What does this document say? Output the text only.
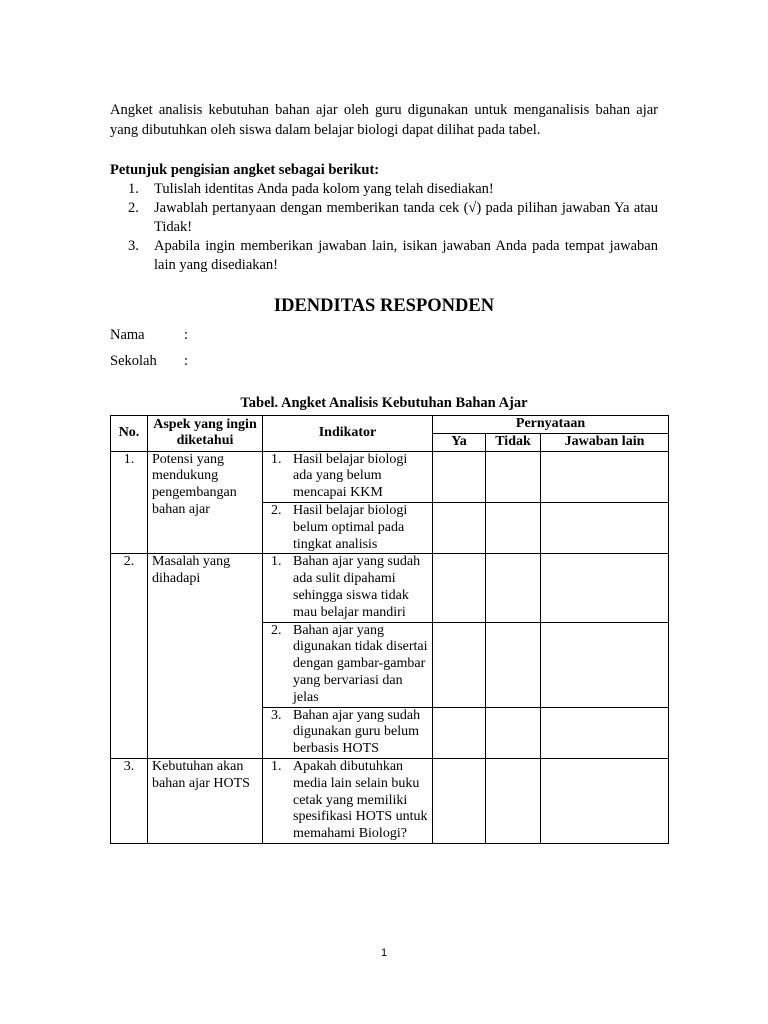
Angket analisis kebutuhan bahan ajar oleh guru digunakan untuk menganalisis bahan ajar yang dibutuhkan oleh siswa dalam belajar biologi dapat dilihat pada tabel.

Petunjuk pengisian angket sebagai berikut:

1. Tulislah identitas Anda pada kolom yang telah disediakan!
2. Jawablah pertanyaan dengan memberikan tanda cek (√) pada pilihan jawaban Ya atau Tidak!
3. Apabila ingin memberikan jawaban lain, isikan jawaban Anda pada tempat jawaban lain yang disediakan!
IDENDITAS RESPONDEN
Nama	:
Sekolah :

Tabel. Angket Analisis Kebutuhan Bahan Ajar

No.	Aspek yang ingin diketahui	Indikator	Pernyataan		
			Ya	Tidak	Jawaban lain
1.	Potensi yang mendukung pengembangan bahan ajar	1. Hasil belajar biologi ada yang belum mencapai KKM			

		2. Hasil belajar biologi belum optimal pada tingkat analisis			

2.	Masalah yang dihadapi	1. Bahan ajar yang sudah ada sulit dipahami sehingga siswa tidak mau belajar mandiri			

		2. Bahan ajar yang digunakan tidak disertai dengan gambar-gambar yang bervariasi dan jelas			

		3. Bahan ajar yang sudah digunakan guru belum berbasis HOTS			

3.	Kebutuhan akan bahan ajar HOTS	1. Apakah dibutuhkan media lain selain buku cetak yang memiliki spesifikasi HOTS untuk memahami Biologi?			

1
